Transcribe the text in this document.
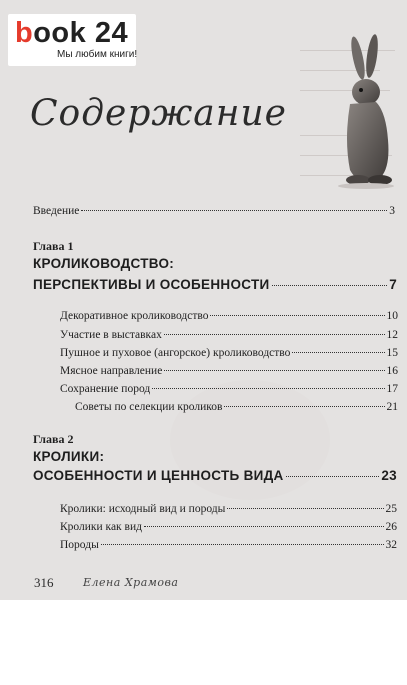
Содержание
Введение	3
Глава 1
КРОЛИКОВОДСТВО:
ПЕРСПЕКТИВЫ И ОСОБЕННОСТИ	7
Декоративное кролиководство	10
Участие в выставках	12
Пушное и пуховое (ангорское) кролиководство	15
Мясное направление	16
Сохранение пород	17
Советы по селекции кроликов	21
Глава 2
КРОЛИКИ:
ОСОБЕННОСТИ И ЦЕННОСТЬ ВИДА	23
Кролики: исходный вид и породы	25
Кролики как вид	26
Породы	32
316	Елена Храмова
book 24
Мы любим книги!
